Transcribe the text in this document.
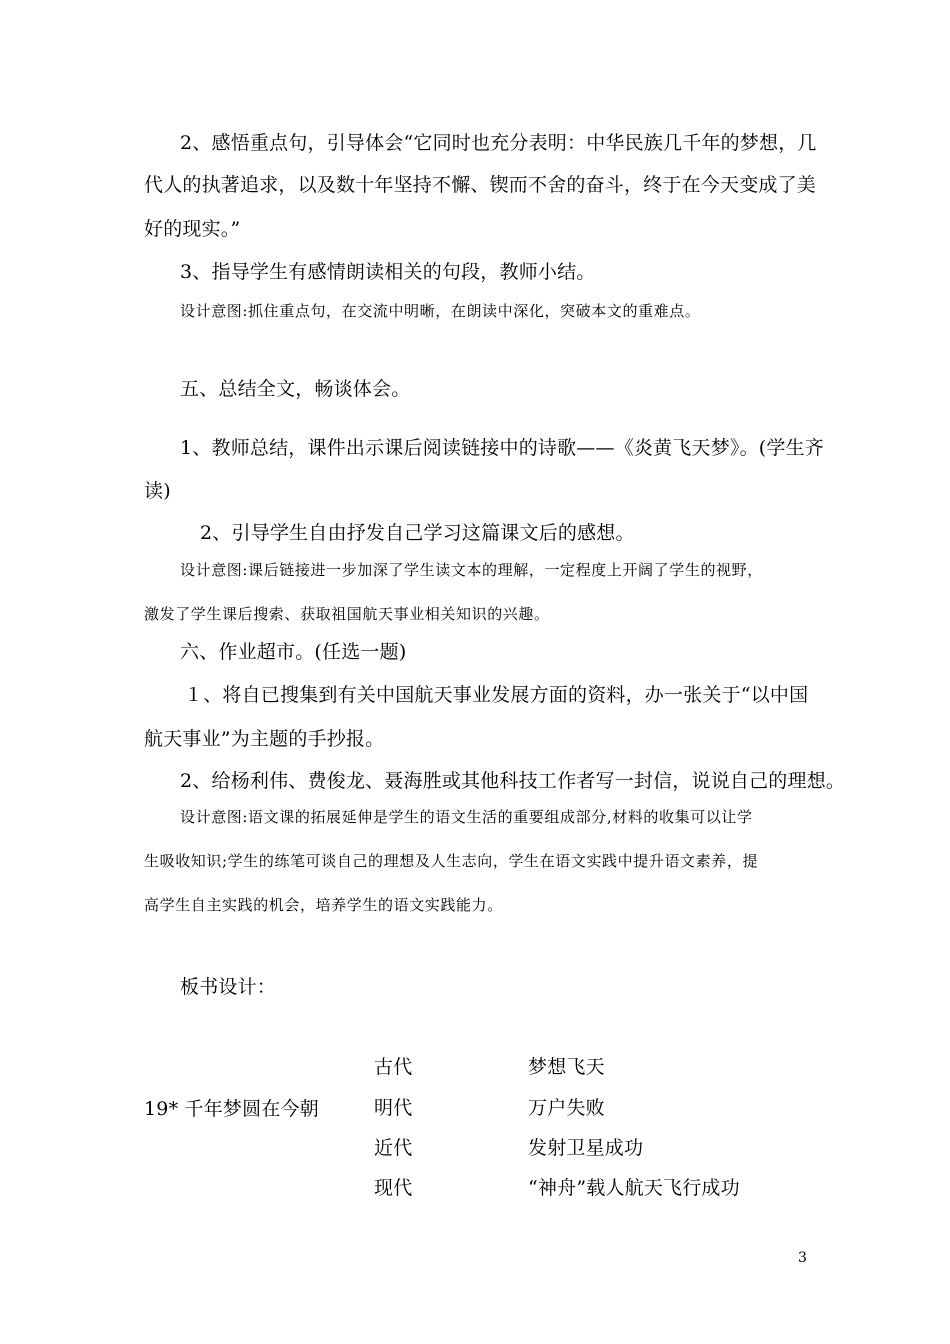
2、感悟重点句，引导体会“它同时也充分表明：中华民族几千年的梦想，几
代人的执著追求，以及数十年坚持不懈、锲而不舍的奋斗，终于在今天变成了美
好的现实。”
3、指导学生有感情朗读相关的句段，教师小结。
设计意图:抓住重点句，在交流中明晰，在朗读中深化，突破本文的重难点。
五、总结全文，畅谈体会。
1、教师总结，课件出示课后阅读链接中的诗歌——《炎黄飞天梦》。(学生齐
读)
2、引导学生自由抒发自己学习这篇课文后的感想。
设计意图:课后链接进一步加深了学生读文本的理解，一定程度上开阔了学生的视野，
激发了学生课后搜索、获取祖国航天事业相关知识的兴趣。
六、作业超市。(任选一题)
１、将自已搜集到有关中国航天事业发展方面的资料，办一张关于“以中国
航天事业”为主题的手抄报。
2、给杨利伟、费俊龙、聂海胜或其他科技工作者写一封信，说说自己的理想。
设计意图:语文课的拓展延伸是学生的语文生活的重要组成部分,材料的收集可以让学
生吸收知识;学生的练笔可谈自己的理想及人生志向，学生在语文实践中提升语文素养，提
高学生自主实践的机会，培养学生的语文实践能力。
板书设计：
19* 千年梦圆在今朝
古代	梦想飞天
明代	万户失败
近代	发射卫星成功
现代	“神舟”载人航天飞行成功
3
